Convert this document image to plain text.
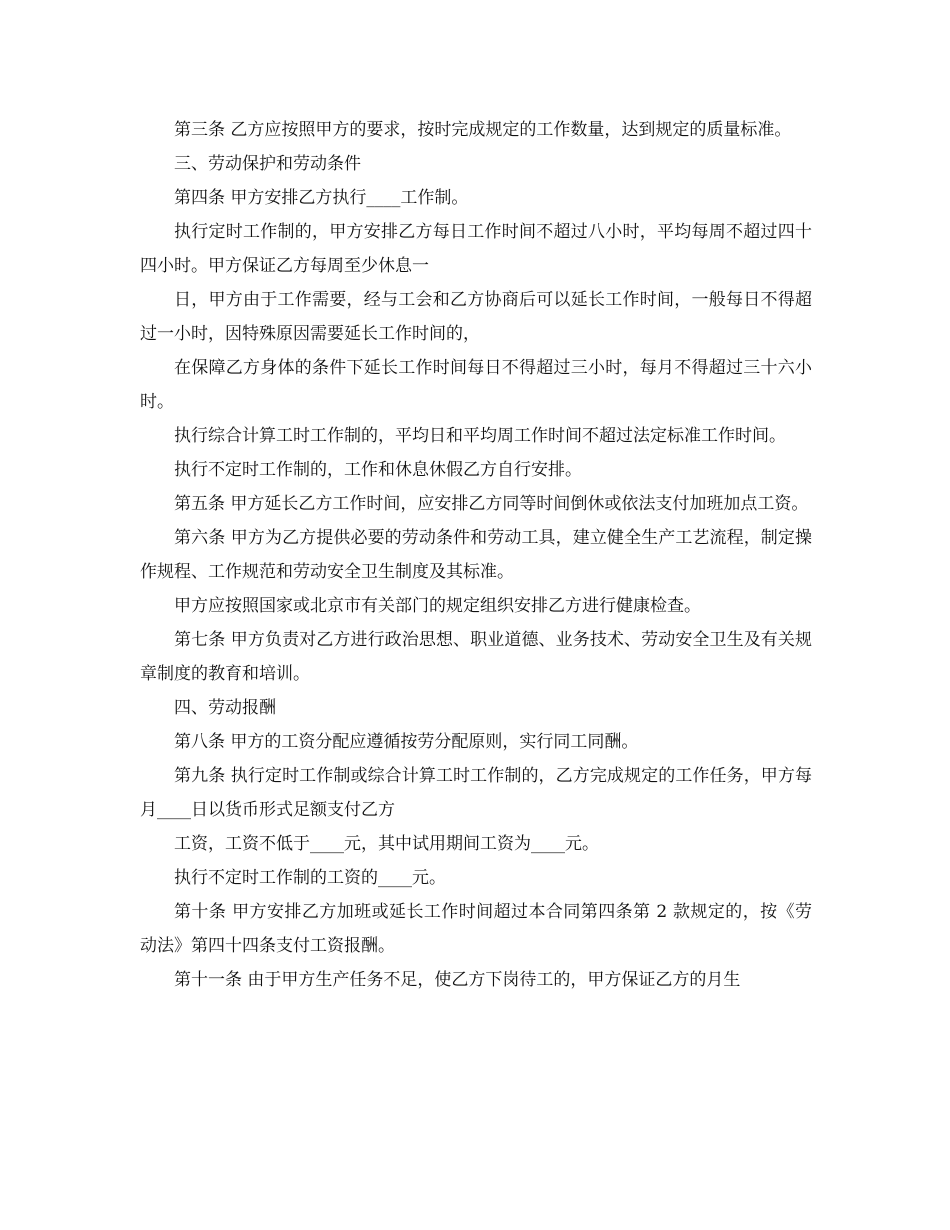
第三条 乙方应按照甲方的要求，按时完成规定的工作数量，达到规定的质量标准。

三、劳动保护和劳动条件

第四条 甲方安排乙方执行____工作制。

执行定时工作制的，甲方安排乙方每日工作时间不超过八小时，平均每周不超过四十四小时。甲方保证乙方每周至少休息一

日，甲方由于工作需要，经与工会和乙方协商后可以延长工作时间，一般每日不得超过一小时，因特殊原因需要延长工作时间的，

在保障乙方身体的条件下延长工作时间每日不得超过三小时，每月不得超过三十六小时。

执行综合计算工时工作制的，平均日和平均周工作时间不超过法定标准工作时间。

执行不定时工作制的，工作和休息休假乙方自行安排。

第五条 甲方延长乙方工作时间，应安排乙方同等时间倒休或依法支付加班加点工资。

第六条 甲方为乙方提供必要的劳动条件和劳动工具，建立健全生产工艺流程，制定操作规程、工作规范和劳动安全卫生制度及其标准。

甲方应按照国家或北京市有关部门的规定组织安排乙方进行健康检查。

第七条 甲方负责对乙方进行政治思想、职业道德、业务技术、劳动安全卫生及有关规章制度的教育和培训。

四、劳动报酬

第八条 甲方的工资分配应遵循按劳分配原则，实行同工同酬。

第九条 执行定时工作制或综合计算工时工作制的，乙方完成规定的工作任务，甲方每月____日以货币形式足额支付乙方

工资，工资不低于____元，其中试用期间工资为____元。

执行不定时工作制的工资的____元。

第十条 甲方安排乙方加班或延长工作时间超过本合同第四条第 2 款规定的，按《劳动法》第四十四条支付工资报酬。

第十一条 由于甲方生产任务不足，使乙方下岗待工的，甲方保证乙方的月生
